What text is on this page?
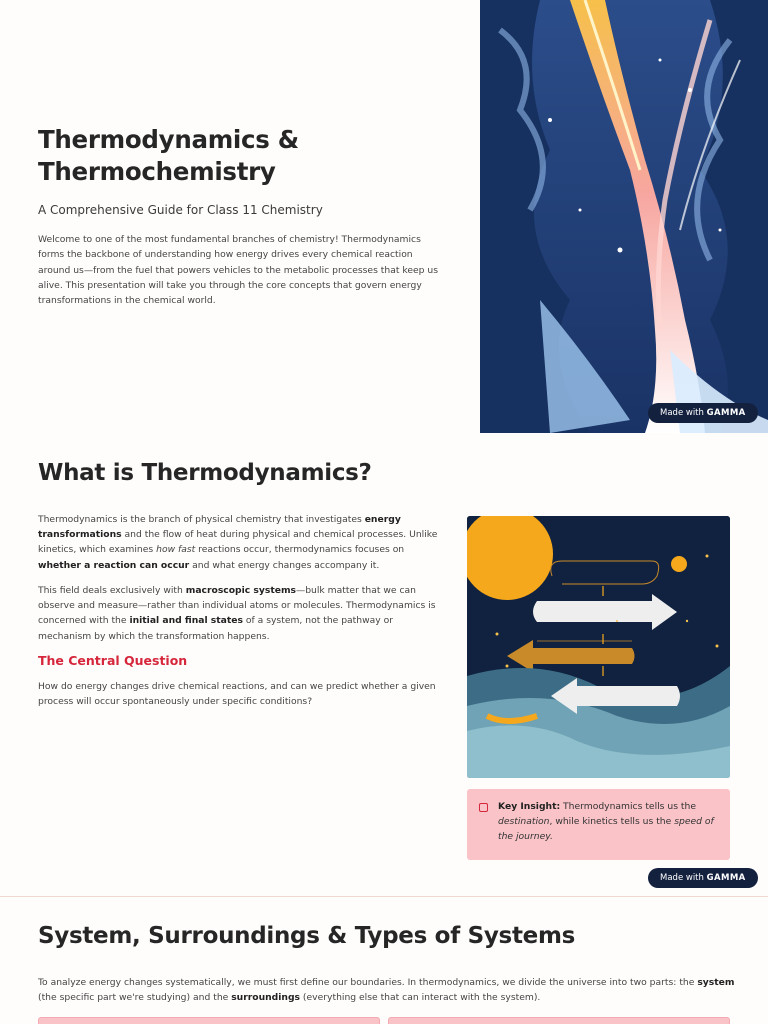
Thermodynamics &
Thermochemistry

A Comprehensive Guide for Class 11 Chemistry

Welcome to one of the most fundamental branches of chemistry! Thermodynamics forms the backbone of understanding how energy drives every chemical reaction around us—from the fuel that powers vehicles to the metabolic processes that keep us alive. This presentation will take you through the core concepts that govern energy transformations in the chemical world.

Made with GAMMA
What is Thermodynamics?

Thermodynamics is the branch of physical chemistry that investigates energy transformations and the flow of heat during physical and chemical processes. Unlike kinetics, which examines how fast reactions occur, thermodynamics focuses on whether a reaction can occur and what energy changes accompany it.

This field deals exclusively with macroscopic systems—bulk matter that we can observe and measure—rather than individual atoms or molecules. Thermodynamics is concerned with the initial and final states of a system, not the pathway or mechanism by which the transformation happens.

The Central Question

How do energy changes drive chemical reactions, and can we predict whether a given process will occur spontaneously under specific conditions?

Key Insight: Thermodynamics tells us the destination, while kinetics tells us the speed of the journey.
Made with GAMMA
System, Surroundings & Types of Systems

To analyze energy changes systematically, we must first define our boundaries. In thermodynamics, we divide the universe into two parts: the system (the specific part we're studying) and the surroundings (everything else that can interact with the system).
